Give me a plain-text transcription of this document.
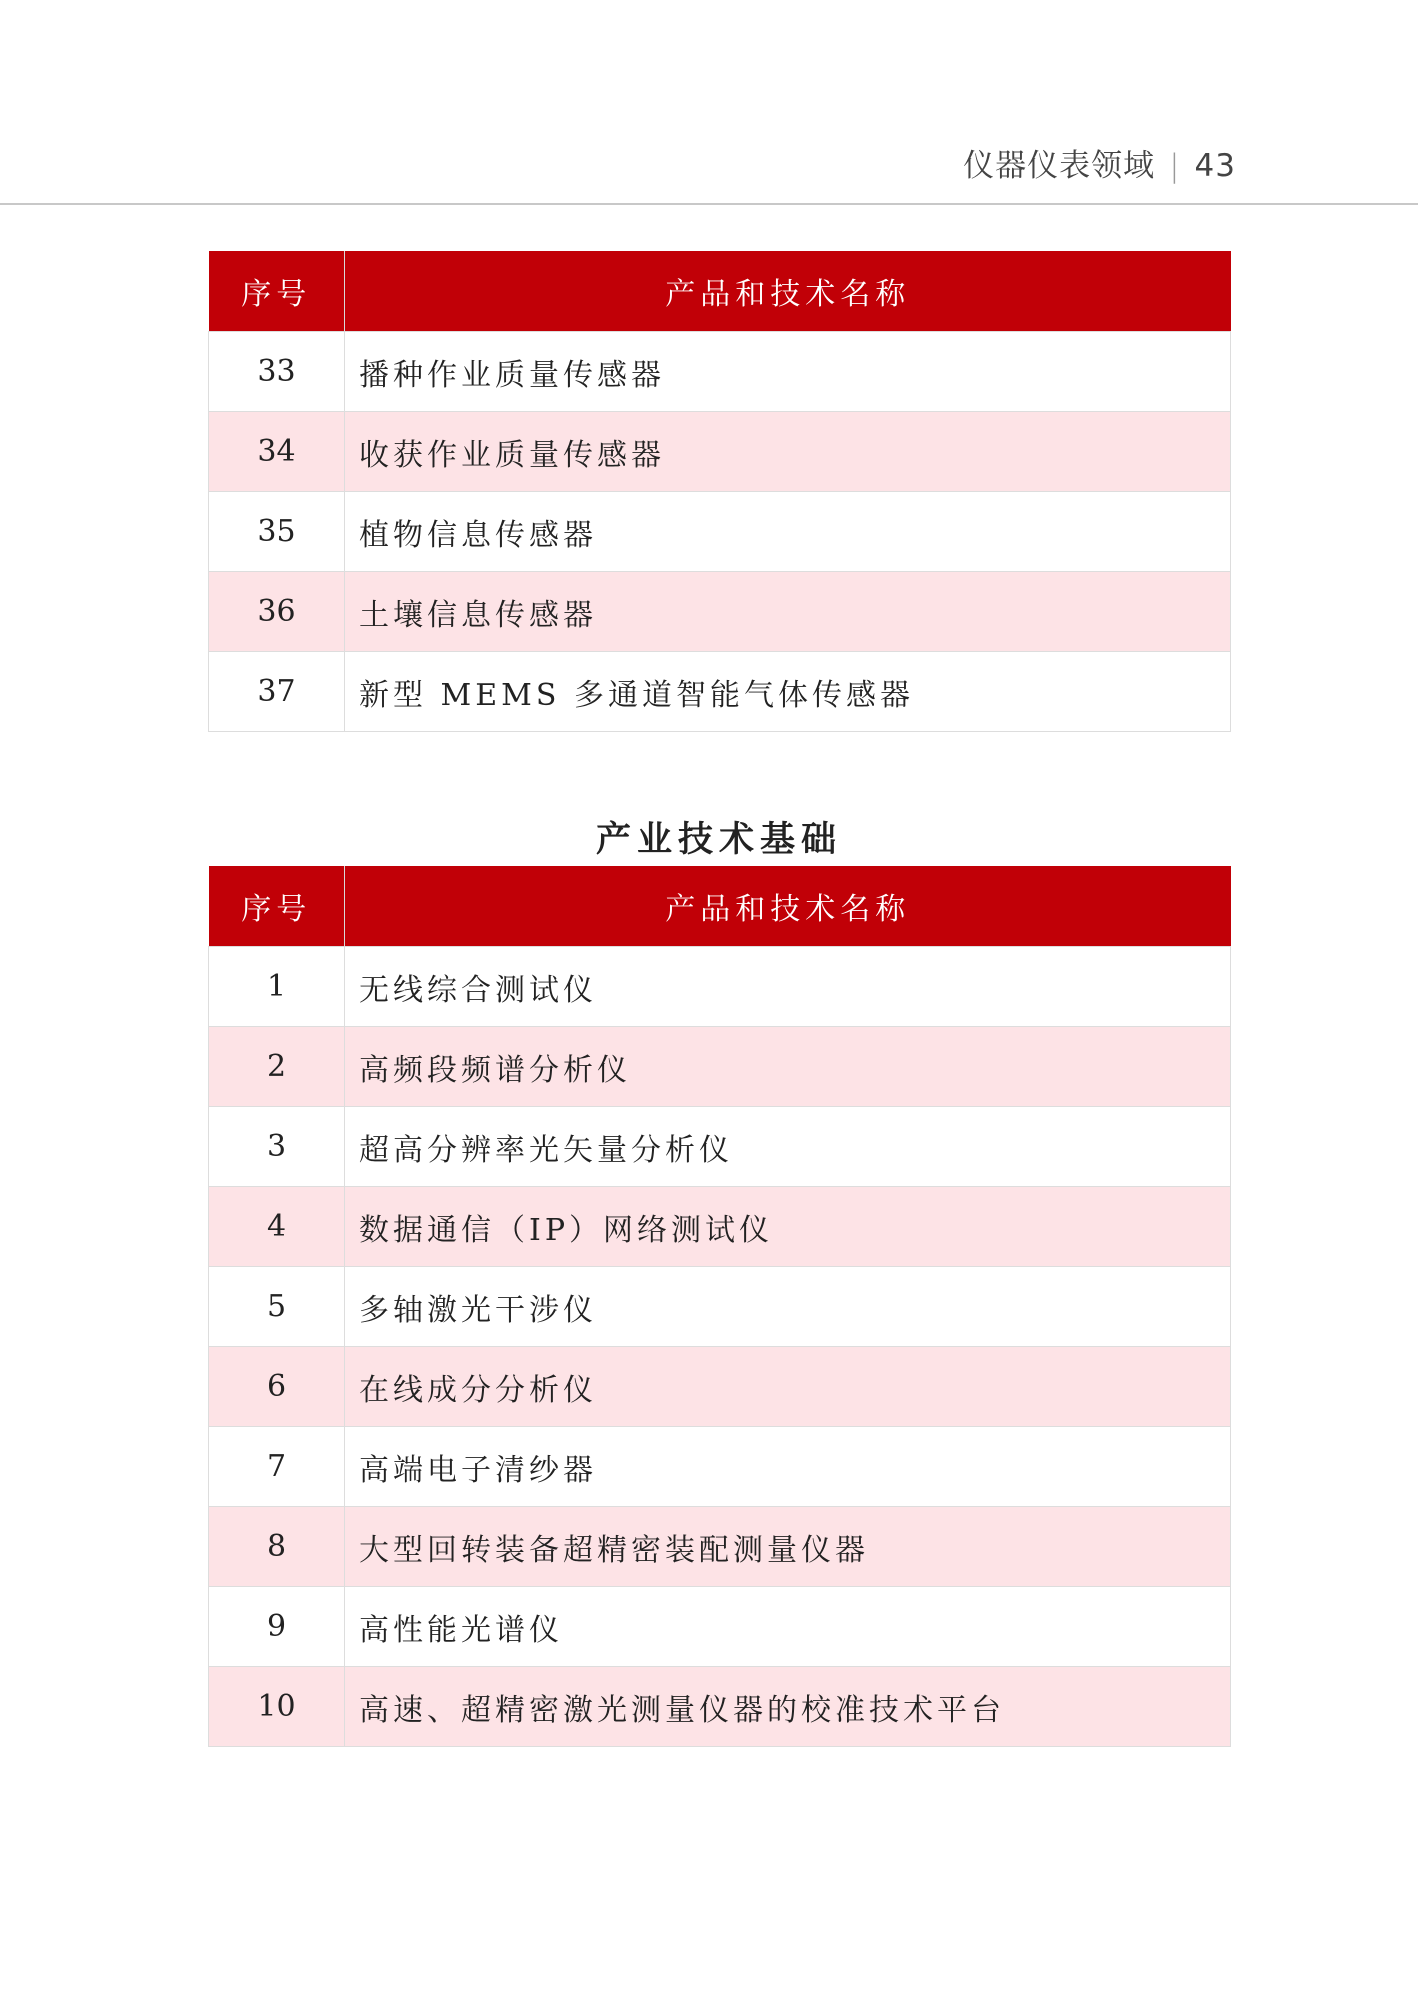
仪器仪表领域 | 43
序号	产品和技术名称
33	播种作业质量传感器
34	收获作业质量传感器
35	植物信息传感器
36	土壤信息传感器
37	新型 MEMS 多通道智能气体传感器
产业技术基础
序号	产品和技术名称
1	无线综合测试仪
2	高频段频谱分析仪
3	超高分辨率光矢量分析仪
4	数据通信（IP）网络测试仪
5	多轴激光干涉仪
6	在线成分分析仪
7	高端电子清纱器
8	大型回转装备超精密装配测量仪器
9	高性能光谱仪
10	高速、超精密激光测量仪器的校准技术平台
